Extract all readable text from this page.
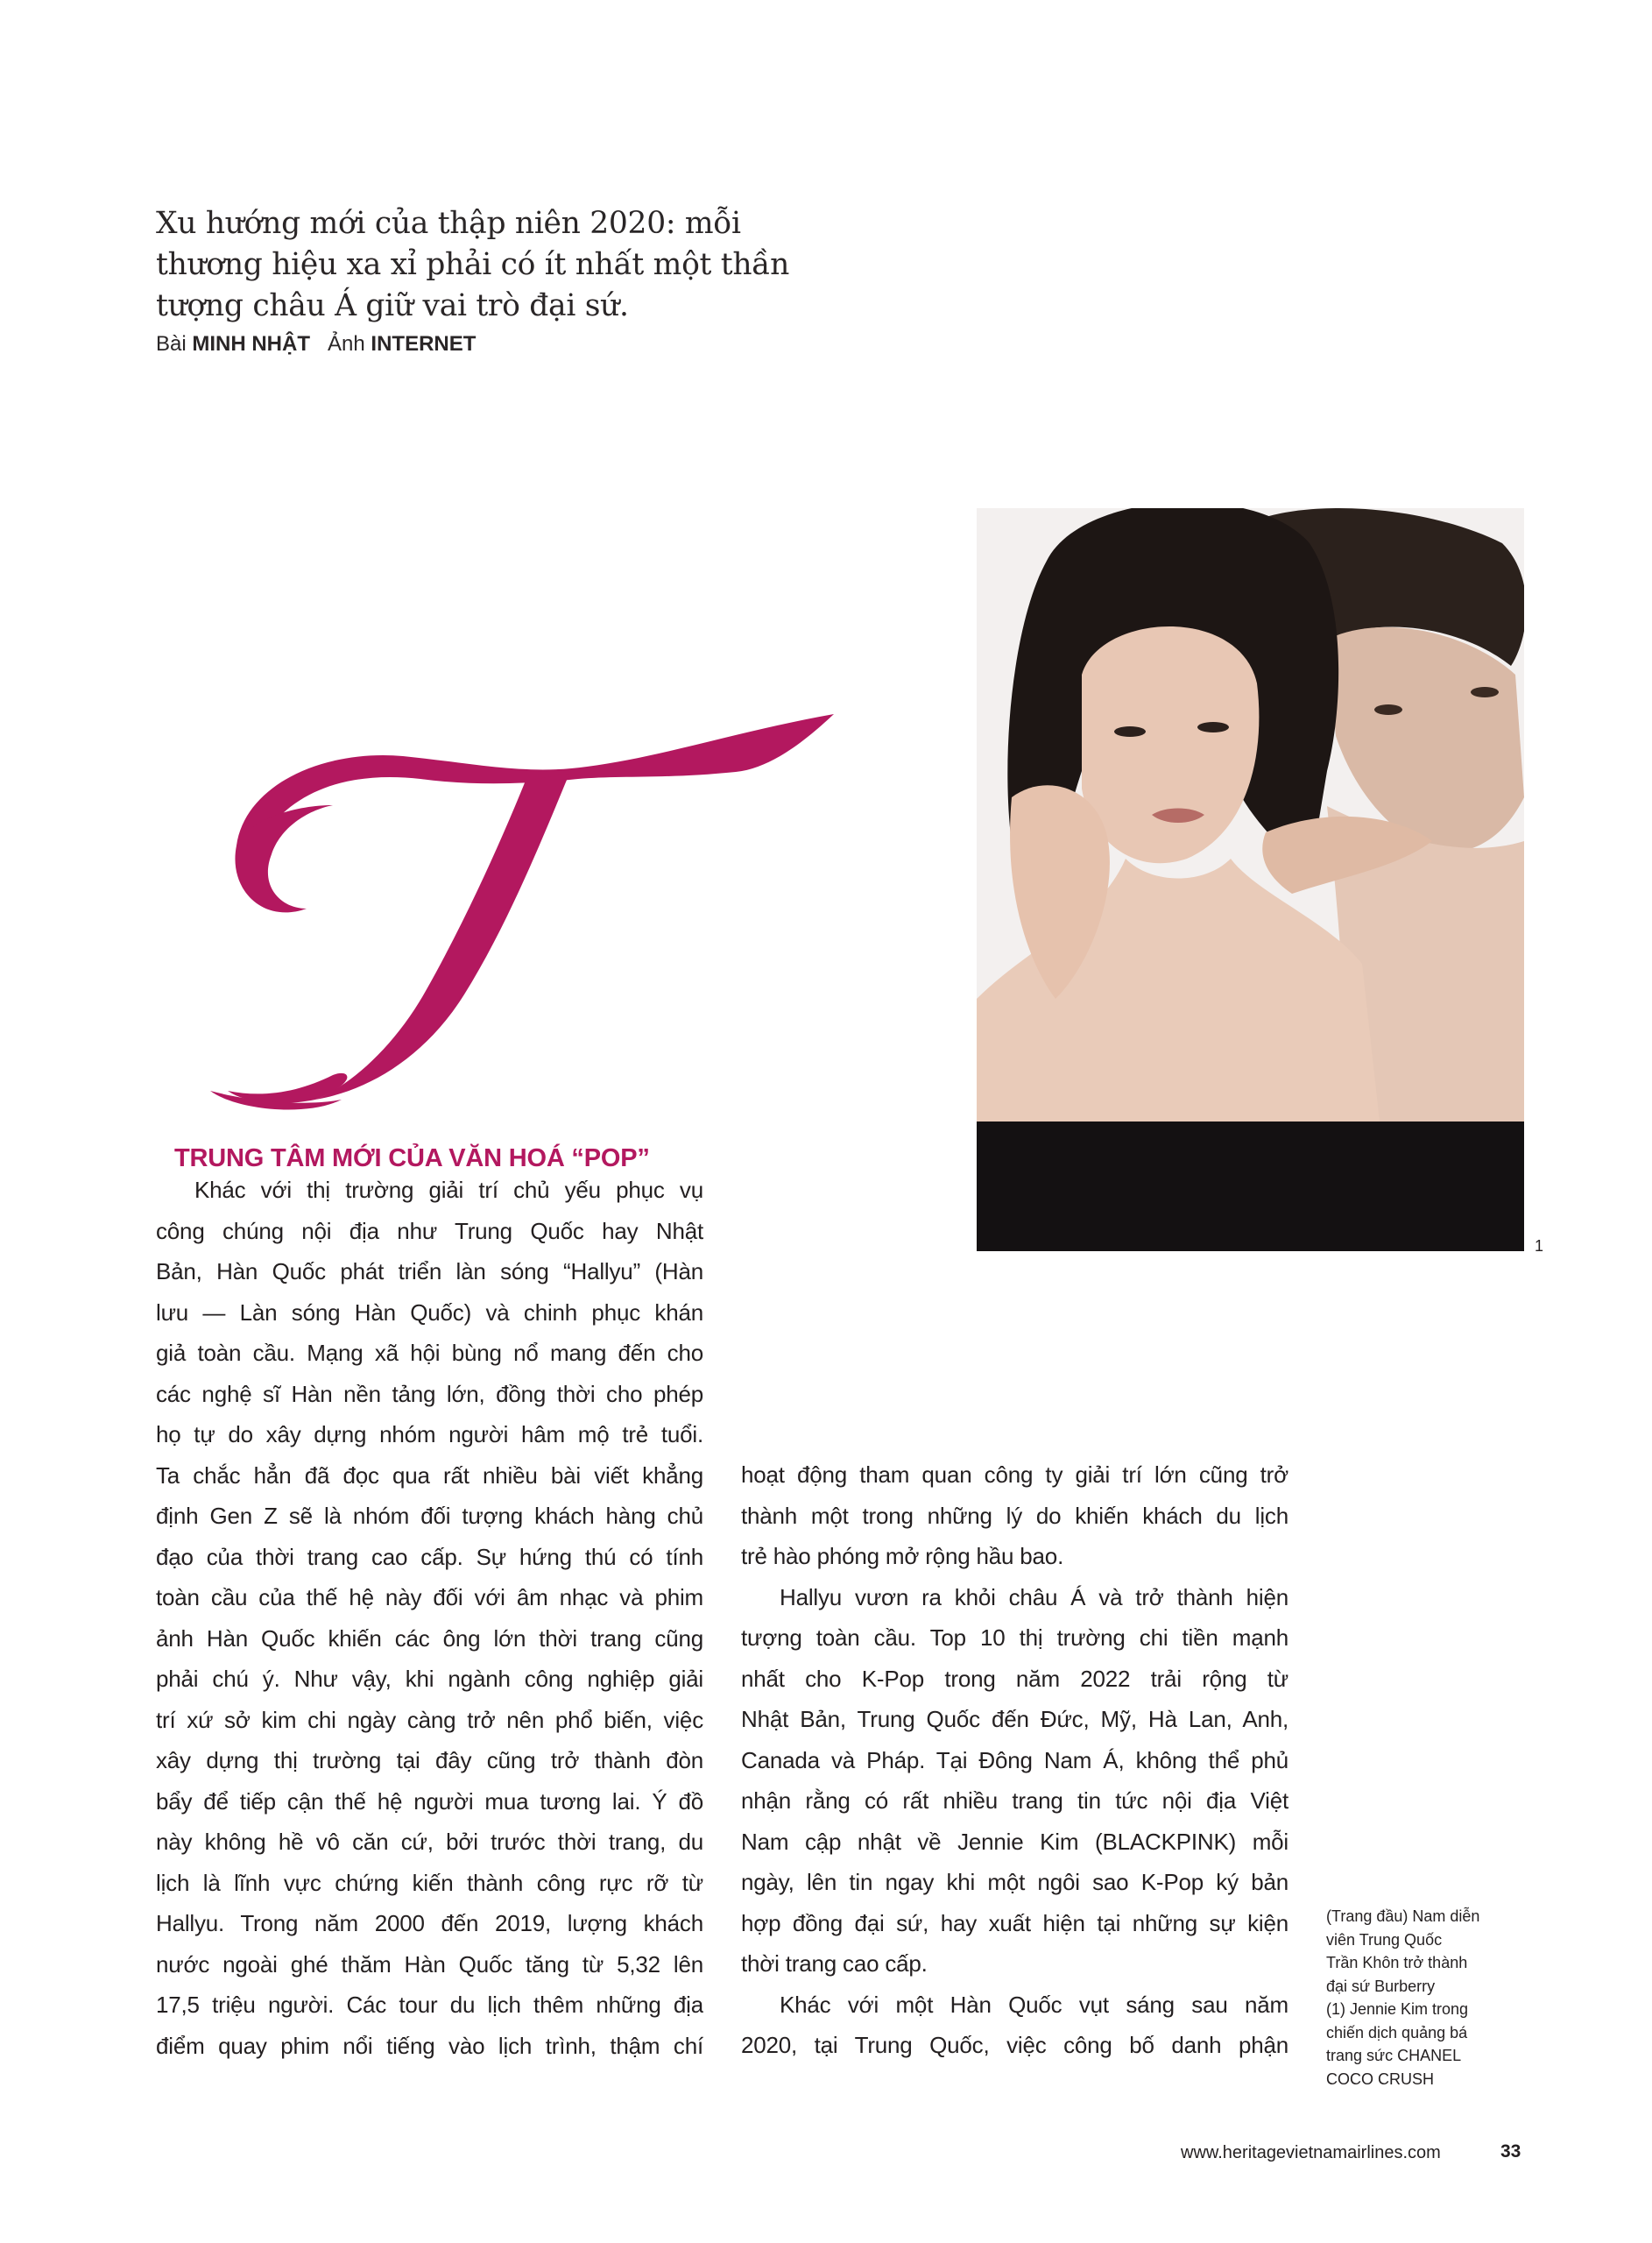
Xu hướng mới của thập niên 2020: mỗi
thương hiệu xa xỉ phải có ít nhất một thần
tượng châu Á giữ vai trò đại sứ.
Bài MINH NHẬT Ảnh INTERNET
1
TRUNG TÂM MỚI CỦA VĂN HOÁ “POP”
Khác với thị trường giải trí chủ yếu phục vụ
công chúng nội địa như Trung Quốc hay Nhật
Bản, Hàn Quốc phát triển làn sóng “Hallyu” (Hàn
lưu — Làn sóng Hàn Quốc) và chinh phục khán
giả toàn cầu. Mạng xã hội bùng nổ mang đến cho
các nghệ sĩ Hàn nền tảng lớn, đồng thời cho phép
họ tự do xây dựng nhóm người hâm mộ trẻ tuổi.
Ta chắc hẳn đã đọc qua rất nhiều bài viết khẳng
định Gen Z sẽ là nhóm đối tượng khách hàng chủ
đạo của thời trang cao cấp. Sự hứng thú có tính
toàn cầu của thế hệ này đối với âm nhạc và phim
ảnh Hàn Quốc khiến các ông lớn thời trang cũng
phải chú ý. Như vậy, khi ngành công nghiệp giải
trí xứ sở kim chi ngày càng trở nên phổ biến, việc
xây dựng thị trường tại đây cũng trở thành đòn
bẩy để tiếp cận thế hệ người mua tương lai. Ý đồ
này không hề vô căn cứ, bởi trước thời trang, du
lịch là lĩnh vực chứng kiến thành công rực rỡ từ
Hallyu. Trong năm 2000 đến 2019, lượng khách
nước ngoài ghé thăm Hàn Quốc tăng từ 5,32 lên
17,5 triệu người. Các tour du lịch thêm những địa
điểm quay phim nổi tiếng vào lịch trình, thậm chí
hoạt động tham quan công ty giải trí lớn cũng trở
thành một trong những lý do khiến khách du lịch
trẻ hào phóng mở rộng hầu bao.
Hallyu vươn ra khỏi châu Á và trở thành hiện
tượng toàn cầu. Top 10 thị trường chi tiền mạnh
nhất cho K-Pop trong năm 2022 trải rộng từ
Nhật Bản, Trung Quốc đến Đức, Mỹ, Hà Lan, Anh,
Canada và Pháp. Tại Đông Nam Á, không thể phủ
nhận rằng có rất nhiều trang tin tức nội địa Việt
Nam cập nhật về Jennie Kim (BLACKPINK) mỗi
ngày, lên tin ngay khi một ngôi sao K-Pop ký bản
hợp đồng đại sứ, hay xuất hiện tại những sự kiện
thời trang cao cấp.
Khác với một Hàn Quốc vụt sáng sau năm
2020, tại Trung Quốc, việc công bố danh phận
(Trang đầu) Nam diễn
viên Trung Quốc
Trần Khôn trở thành
đại sứ Burberry
(1) Jennie Kim trong
chiến dịch quảng bá
trang sức CHANEL
COCO CRUSH
www.heritagevietnamairlines.com	33
